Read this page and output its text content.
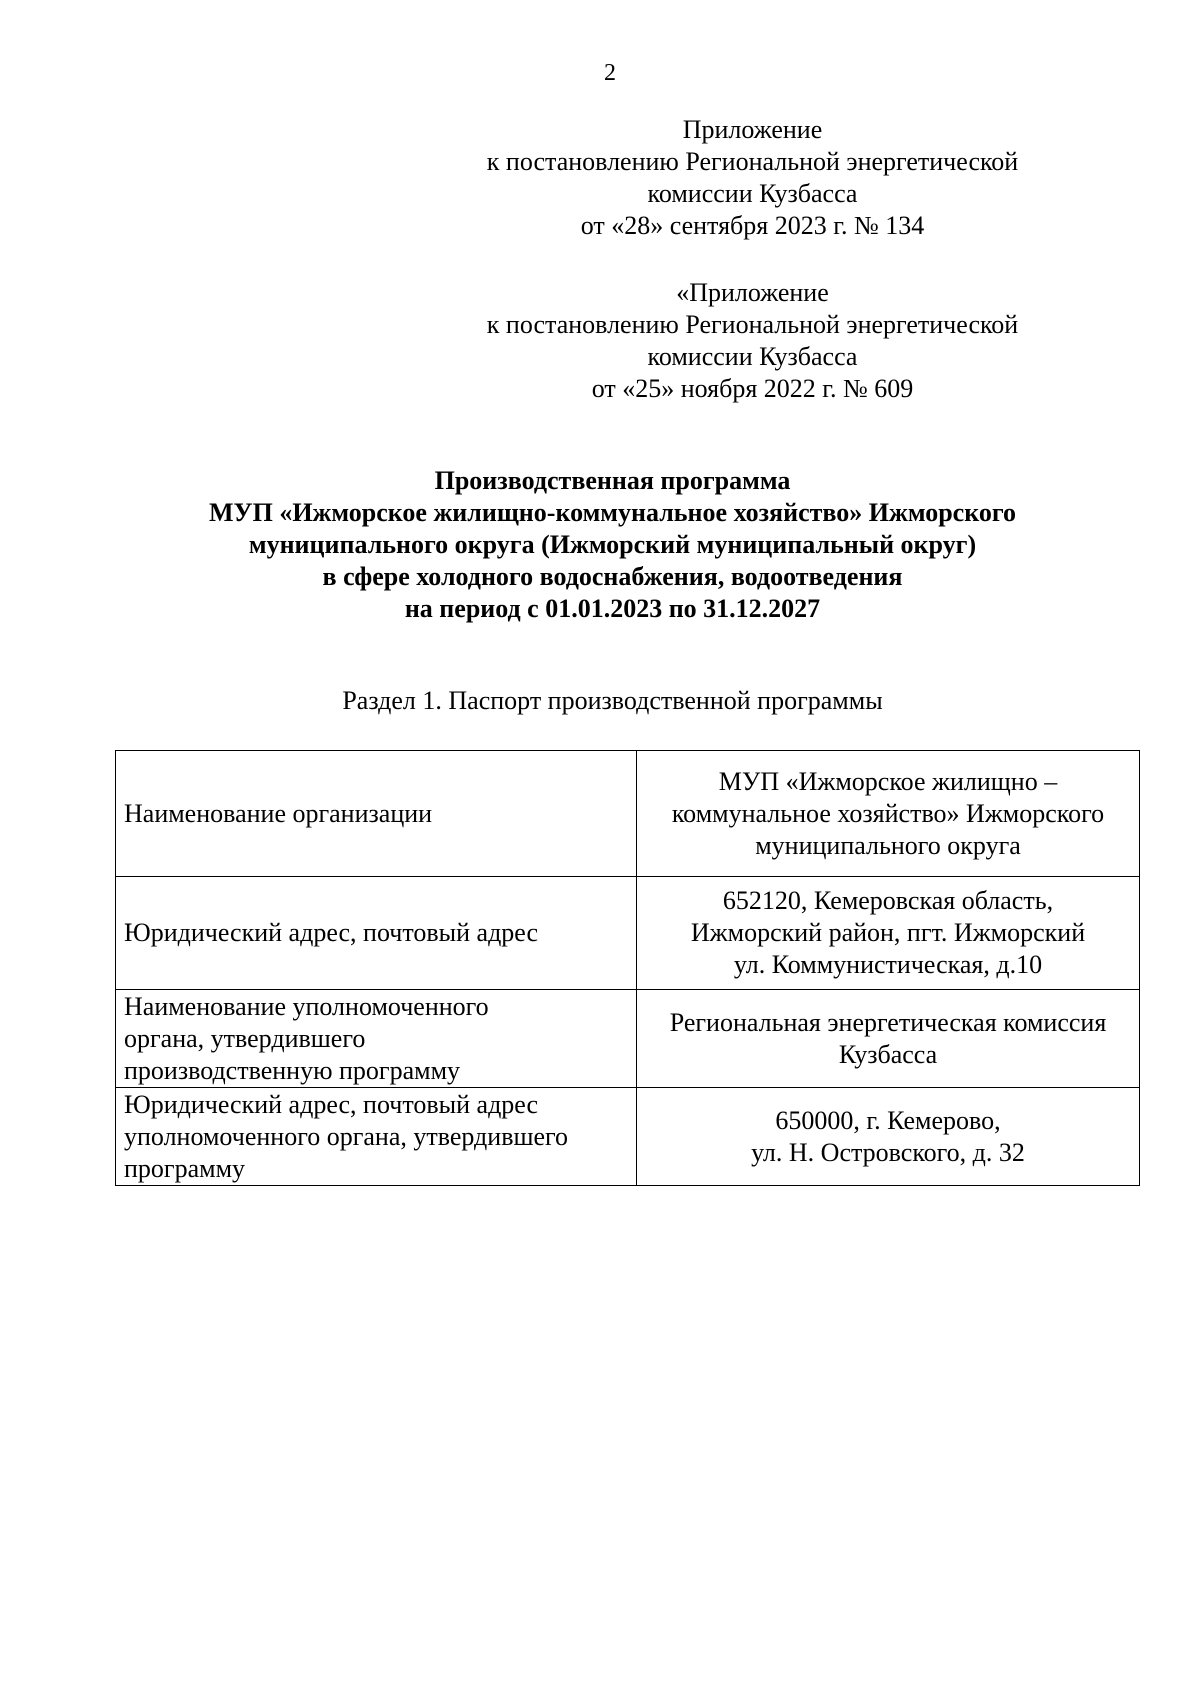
2
Приложение
к постановлению Региональной энергетической
комиссии Кузбасса
от «28» сентября 2023 г. № 134
«Приложение
к постановлению Региональной энергетической
комиссии Кузбасса
от «25» ноября 2022 г. № 609
Производственная программа
МУП «Ижморское жилищно-коммунальное хозяйство» Ижморского
муниципального округа (Ижморский муниципальный округ)
в сфере холодного водоснабжения, водоотведения
на период с 01.01.2023 по 31.12.2027
Раздел 1. Паспорт производственной программы
Наименование организации	МУП «Ижморское жилищно –
коммунальное хозяйство» Ижморского
муниципального округа

Юридический адрес, почтовый адрес	652120, Кемеровская область,
Ижморский район, пгт. Ижморский
ул. Коммунистическая, д.10

Наименование уполномоченного
органа, утвердившего
производственную программу	Региональная энергетическая комиссия
Кузбасса

Юридический адрес, почтовый адрес
уполномоченного органа, утвердившего
программу	650000, г. Кемерово,
ул. Н. Островского, д. 32
